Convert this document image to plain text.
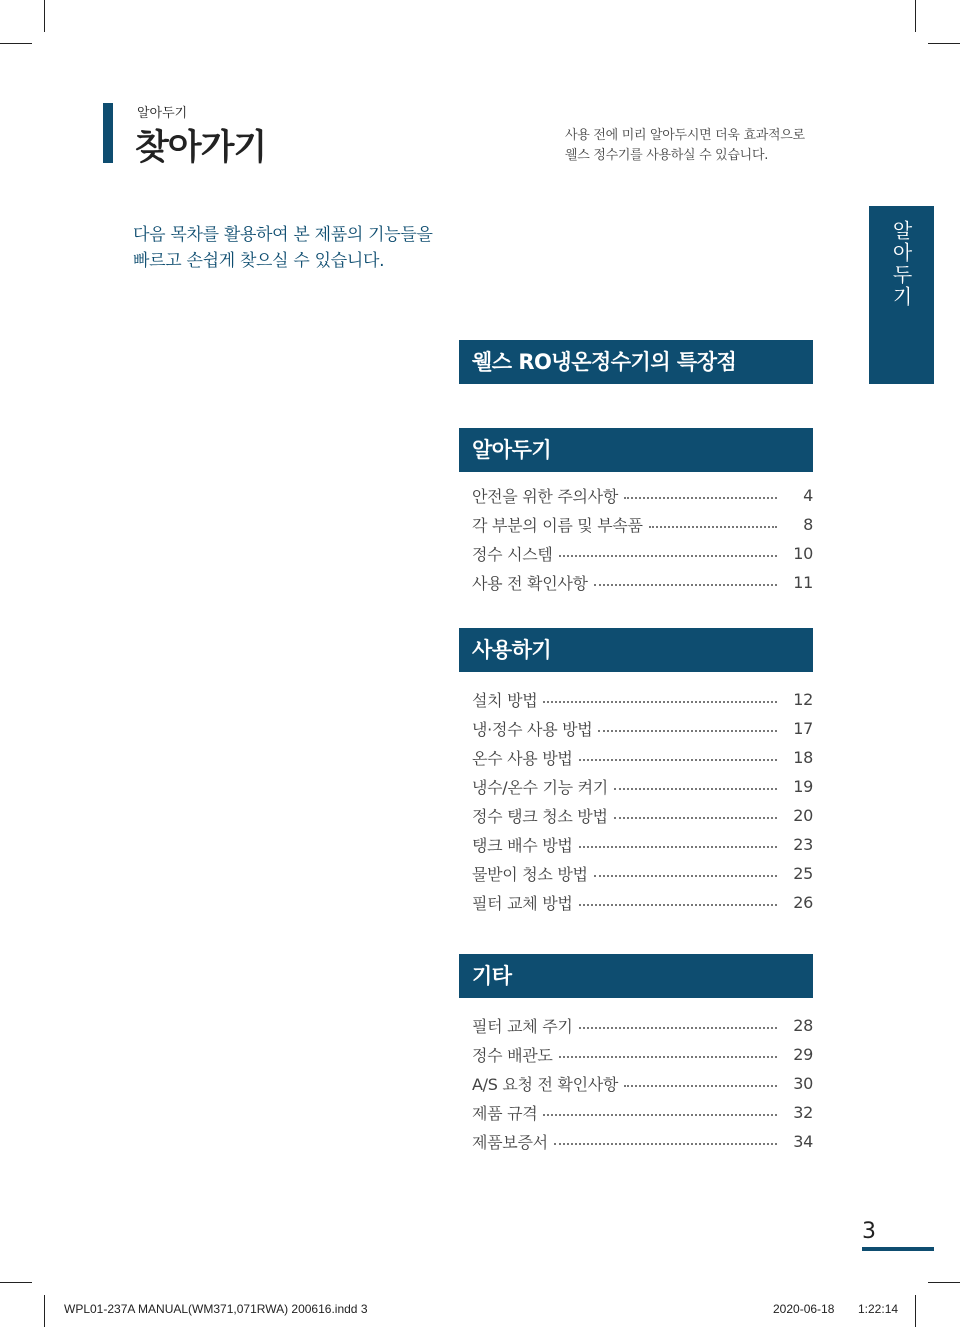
알아두기
찾아가기	사용 전에 미리 알아두시면 더욱 효과적으로
웰스 정수기를 사용하실 수 있습니다.
다음 목차를 활용하여 본 제품의 기능들을
빠르고 손쉽게 찾으실 수 있습니다.	알아두기
웰스 RO냉온정수기의 특장점
알아두기
안전을 위한 주의사항	4
각 부분의 이름 및 부속품	8
정수 시스템	10
사용 전 확인사항	11
사용하기
설치 방법	12
냉·정수 사용 방법	17
온수 사용 방법	18
냉수/온수 기능 켜기	19
정수 탱크 청소 방법	20
탱크 배수 방법	23
물받이 청소 방법	25
필터 교체 방법	26
기타
필터 교체 주기	28
정수 배관도	29
A/S 요청 전 확인사항	30
제품 규격	32
제품보증서	34
3
WPL01-237A MANUAL(WM371,071RWA) 200616.indd 3	2020-06-18 1:22:14
